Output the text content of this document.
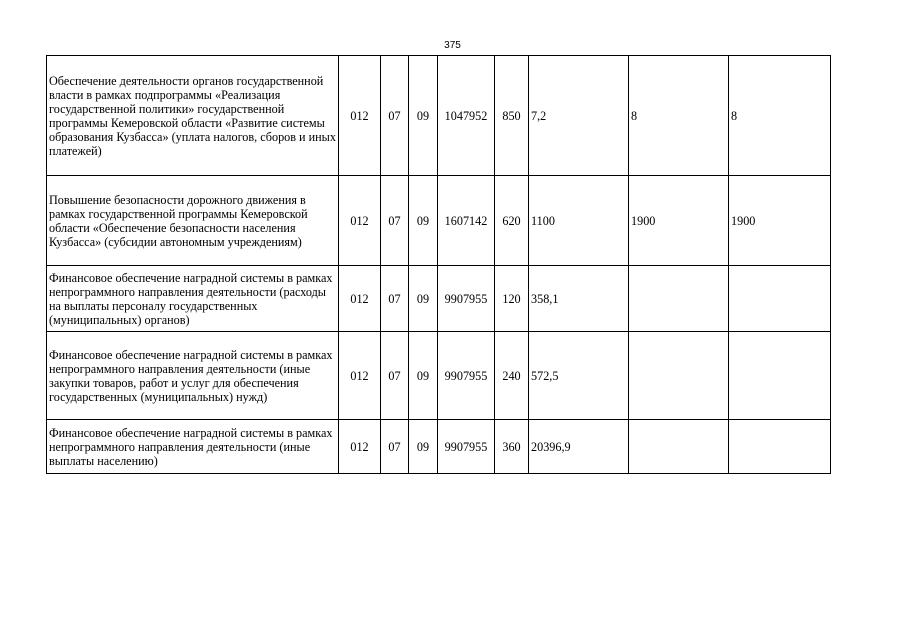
375
Обеспечение деятельности органов государственной власти в рамках подпрограммы «Реализация государственной политики» государственной программы Кемеровской области «Развитие системы образования Кузбасса» (уплата налогов, сборов и иных платежей)	012	07	09	1047952	850	7,2	8	8
Повышение безопасности дорожного движения в рамках государственной программы Кемеровской области «Обеспечение безопасности населения Кузбасса» (субсидии автономным учреждениям)	012	07	09	1607142	620	1100	1900	1900
Финансовое обеспечение наградной системы в рамках непрограммного направления деятельности (расходы на выплаты персоналу государственных (муниципальных) органов)	012	07	09	9907955	120	358,1		
Финансовое обеспечение наградной системы в рамках непрограммного направления деятельности (иные закупки товаров, работ и услуг для обеспечения государственных (муниципальных) нужд)	012	07	09	9907955	240	572,5		
Финансовое обеспечение наградной системы в рамках непрограммного направления деятельности (иные выплаты населению)	012	07	09	9907955	360	20396,9		
